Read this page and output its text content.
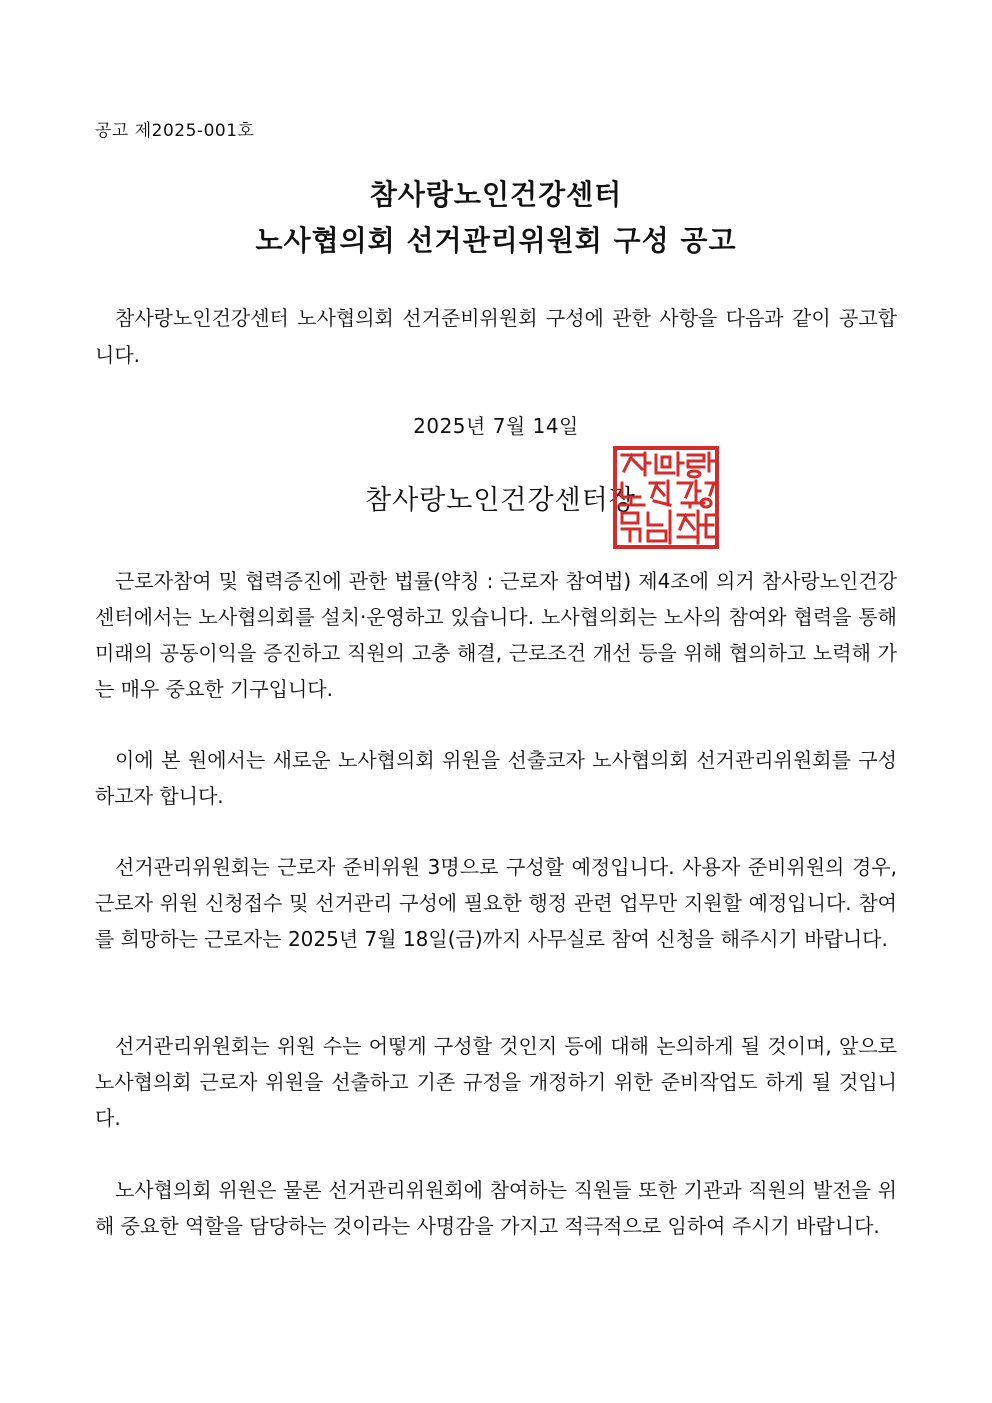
공고 제2025-001호
참사랑노인건강센터
노사협의회 선거관리위원회 구성 공고
참사랑노인건강센터 노사협의회 선거준비위원회 구성에 관한 사항을 다음과 같이 공고합니다.
2025년 7월 14일
참사랑노인건강센터장
근로자참여 및 협력증진에 관한 법률(약칭 : 근로자 참여법) 제4조에 의거 참사랑노인건강센터에서는 노사협의회를 설치·운영하고 있습니다. 노사협의회는 노사의 참여와 협력을 통해 미래의 공동이익을 증진하고 직원의 고충 해결, 근로조건 개선 등을 위해 협의하고 노력해 가는 매우 중요한 기구입니다.
이에 본 원에서는 새로운 노사협의회 위원을 선출코자 노사협의회 선거관리위원회를 구성하고자 합니다.
선거관리위원회는 근로자 준비위원 3명으로 구성할 예정입니다. 사용자 준비위원의 경우, 근로자 위원 신청접수 및 선거관리 구성에 필요한 행정 관련 업무만 지원할 예정입니다. 참여를 희망하는 근로자는 2025년 7월 18일(금)까지 사무실로 참여 신청을 해주시기 바랍니다.
선거관리위원회는 위원 수는 어떻게 구성할 것인지 등에 대해 논의하게 될 것이며, 앞으로 노사협의회 근로자 위원을 선출하고 기존 규정을 개정하기 위한 준비작업도 하게 될 것입니다.
노사협의회 위원은 물론 선거관리위원회에 참여하는 직원들 또한 기관과 직원의 발전을 위해 중요한 역할을 담당하는 것이라는 사명감을 가지고 적극적으로 임하여 주시기 바랍니다.
